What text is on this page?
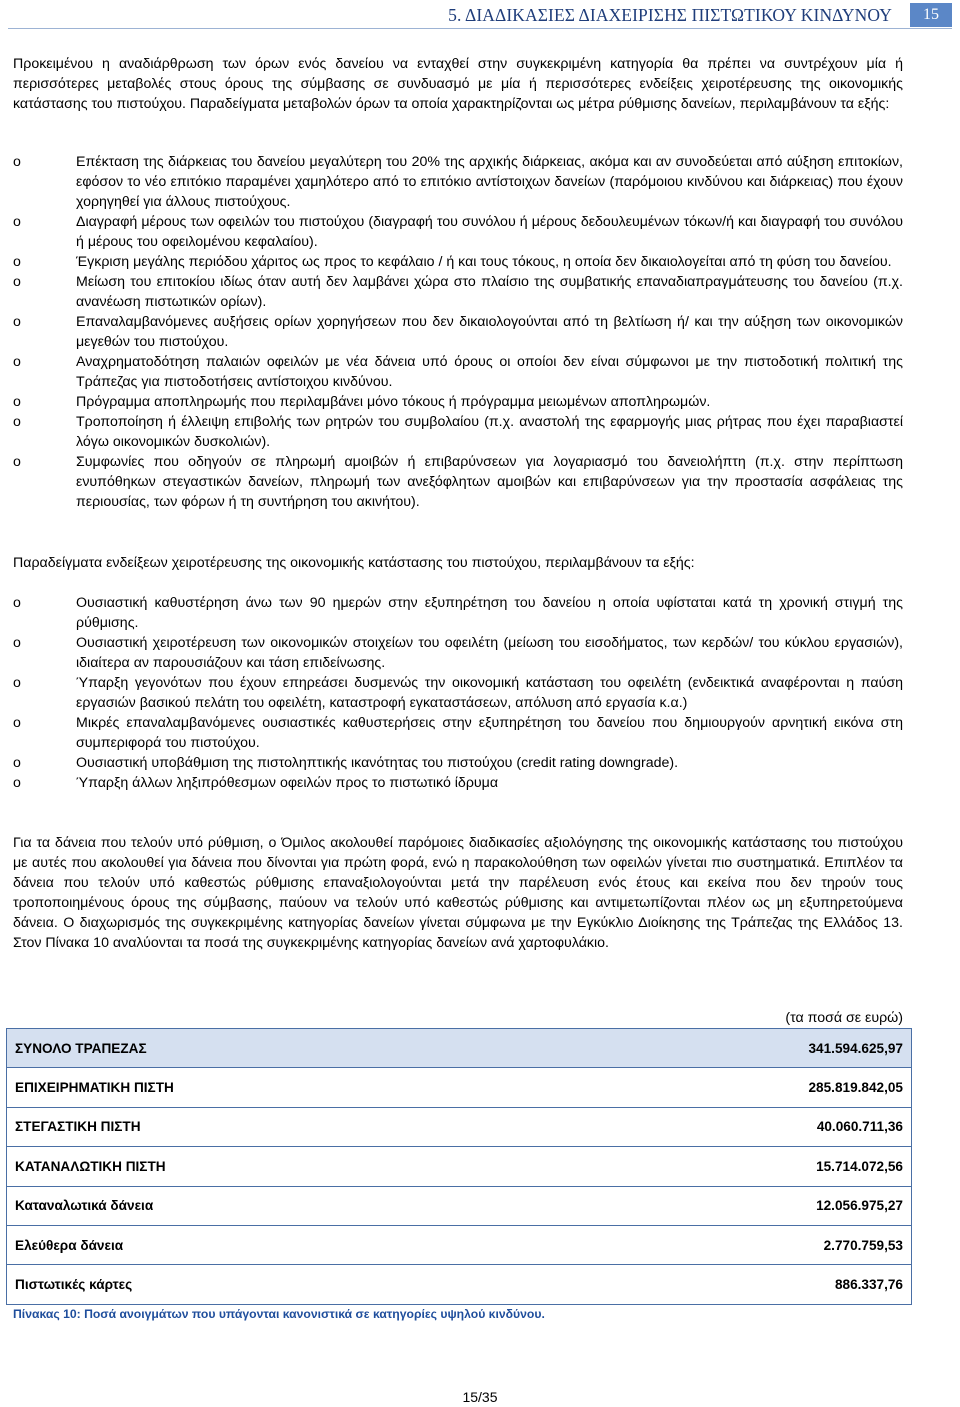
5. ΔΙΑΔΙΚΑΣΙΕΣ ΔΙΑΧΕΙΡΙΣΗΣ ΠΙΣΤΩΤΙΚΟΥ ΚΙΝΔΥΝΟΥ	15

Προκειμένου η αναδιάρθρωση των όρων ενός δανείου να ενταχθεί στην συγκεκριμένη κατηγορία θα πρέπει να συντρέχουν μία ή περισσότερες μεταβολές στους όρους της σύμβασης σε συνδυασμό με μία ή περισσότερες ενδείξεις χειροτέρευσης της οικονομικής κατάστασης του πιστούχου. Παραδείγματα μεταβολών όρων τα οποία χαρακτηρίζονται ως μέτρα ρύθμισης δανείων, περιλαμβάνουν τα εξής:

o	Επέκταση της διάρκειας του δανείου μεγαλύτερη του 20% της αρχικής διάρκειας, ακόμα και αν συνοδεύεται από αύξηση επιτοκίων, εφόσον το νέο επιτόκιο παραμένει χαμηλότερο από το επιτόκιο αντίστοιχων δανείων (παρόμοιου κινδύνου και διάρκειας) που έχουν χορηγηθεί για άλλους πιστούχους.
o	Διαγραφή μέρους των οφειλών του πιστούχου (διαγραφή του συνόλου ή μέρους δεδουλευμένων τόκων/ή και διαγραφή του συνόλου ή μέρους του οφειλομένου κεφαλαίου).
o	Έγκριση μεγάλης περιόδου χάριτος ως προς το κεφάλαιο / ή και τους τόκους, η οποία δεν δικαιολογείται από τη φύση του δανείου.
o	Μείωση του επιτοκίου ιδίως όταν αυτή δεν λαμβάνει χώρα στο πλαίσιο της συμβατικής επαναδιαπραγμάτευσης του δανείου (π.χ. ανανέωση πιστωτικών ορίων).
o	Επαναλαμβανόμενες αυξήσεις ορίων χορηγήσεων που δεν δικαιολογούνται από τη βελτίωση ή/ και την αύξηση των οικονομικών μεγεθών του πιστούχου.
o	Αναχρηματοδότηση παλαιών οφειλών με νέα δάνεια υπό όρους οι οποίοι δεν είναι σύμφωνοι με την πιστοδοτική πολιτική της Τράπεζας για πιστοδοτήσεις αντίστοιχου κινδύνου.
o	Πρόγραμμα αποπληρωμής που περιλαμβάνει μόνο τόκους ή πρόγραμμα μειωμένων αποπληρωμών.
o	Τροποποίηση ή έλλειψη επιβολής των ρητρών του συμβολαίου (π.χ. αναστολή της εφαρμογής μιας ρήτρας που έχει παραβιαστεί λόγω οικονομικών δυσκολιών).
o	Συμφωνίες που οδηγούν σε πληρωμή αμοιβών ή επιβαρύνσεων για λογαριασμό του δανειολήπτη (π.χ. στην περίπτωση ενυπόθηκων στεγαστικών δανείων, πληρωμή των ανεξόφλητων αμοιβών και επιβαρύνσεων για την προστασία ασφάλειας της περιουσίας, των φόρων ή τη συντήρηση του ακινήτου).

Παραδείγματα ενδείξεων χειροτέρευσης της οικονομικής κατάστασης του πιστούχου, περιλαμβάνουν τα εξής:

o	Ουσιαστική καθυστέρηση άνω των 90 ημερών στην εξυπηρέτηση του δανείου η οποία υφίσταται κατά τη χρονική στιγμή της ρύθμισης.
o	Ουσιαστική χειροτέρευση των οικονομικών στοιχείων του οφειλέτη (μείωση του εισοδήματος, των κερδών/ του κύκλου εργασιών), ιδιαίτερα αν παρουσιάζουν και τάση επιδείνωσης.
o	Ύπαρξη γεγονότων που έχουν επηρεάσει δυσμενώς την οικονομική κατάσταση του οφειλέτη (ενδεικτικά αναφέρονται η παύση εργασιών βασικού πελάτη του οφειλέτη, καταστροφή εγκαταστάσεων, απόλυση από εργασία κ.α.)
o	Μικρές επαναλαμβανόμενες ουσιαστικές καθυστερήσεις στην εξυπηρέτηση του δανείου που δημιουργούν αρνητική εικόνα στη συμπεριφορά του πιστούχου.
o	Ουσιαστική υποβάθμιση της πιστοληπτικής ικανότητας του πιστούχου (credit rating downgrade).
o	Ύπαρξη άλλων ληξιπρόθεσμων οφειλών προς το πιστωτικό ίδρυμα

Για τα δάνεια που τελούν υπό ρύθμιση, ο Όμιλος ακολουθεί παρόμοιες διαδικασίες αξιολόγησης της οικονομικής κατάστασης του πιστούχου με αυτές που ακολουθεί για δάνεια που δίνονται για πρώτη φορά, ενώ η παρακολούθηση των οφειλών γίνεται πιο συστηματικά. Επιπλέον τα δάνεια που τελούν υπό καθεστώς ρύθμισης επαναξιολογούνται μετά την παρέλευση ενός έτους και εκείνα που δεν τηρούν τους τροποποιημένους όρους της σύμβασης, παύουν να τελούν υπό καθεστώς ρύθμισης και αντιμετωπίζονται πλέον ως μη εξυπηρετούμενα δάνεια. Ο διαχωρισμός της συγκεκριμένης κατηγορίας δανείων γίνεται σύμφωνα με την Εγκύκλιο Διοίκησης της Τράπεζας της Ελλάδος 13. Στον Πίνακα 10 αναλύονται τα ποσά της συγκεκριμένης κατηγορίας δανείων ανά χαρτοφυλάκιο.

(τα ποσά σε ευρώ)
ΣΥΝΟΛΟ ΤΡΑΠΕΖΑΣ	341.594.625,97
ΕΠΙΧΕΙΡΗΜΑΤΙΚΗ ΠΙΣΤΗ	285.819.842,05
ΣΤΕΓΑΣΤΙΚΗ ΠΙΣΤΗ	40.060.711,36
ΚΑΤΑΝΑΛΩΤΙΚΗ ΠΙΣΤΗ	15.714.072,56
Καταναλωτικά δάνεια	12.056.975,27
Ελεύθερα δάνεια	2.770.759,53
Πιστωτικές κάρτες	886.337,76
Πίνακας 10: Ποσά ανοιγμάτων που υπάγονται κανονιστικά σε κατηγορίες υψηλού κινδύνου.
15/35
